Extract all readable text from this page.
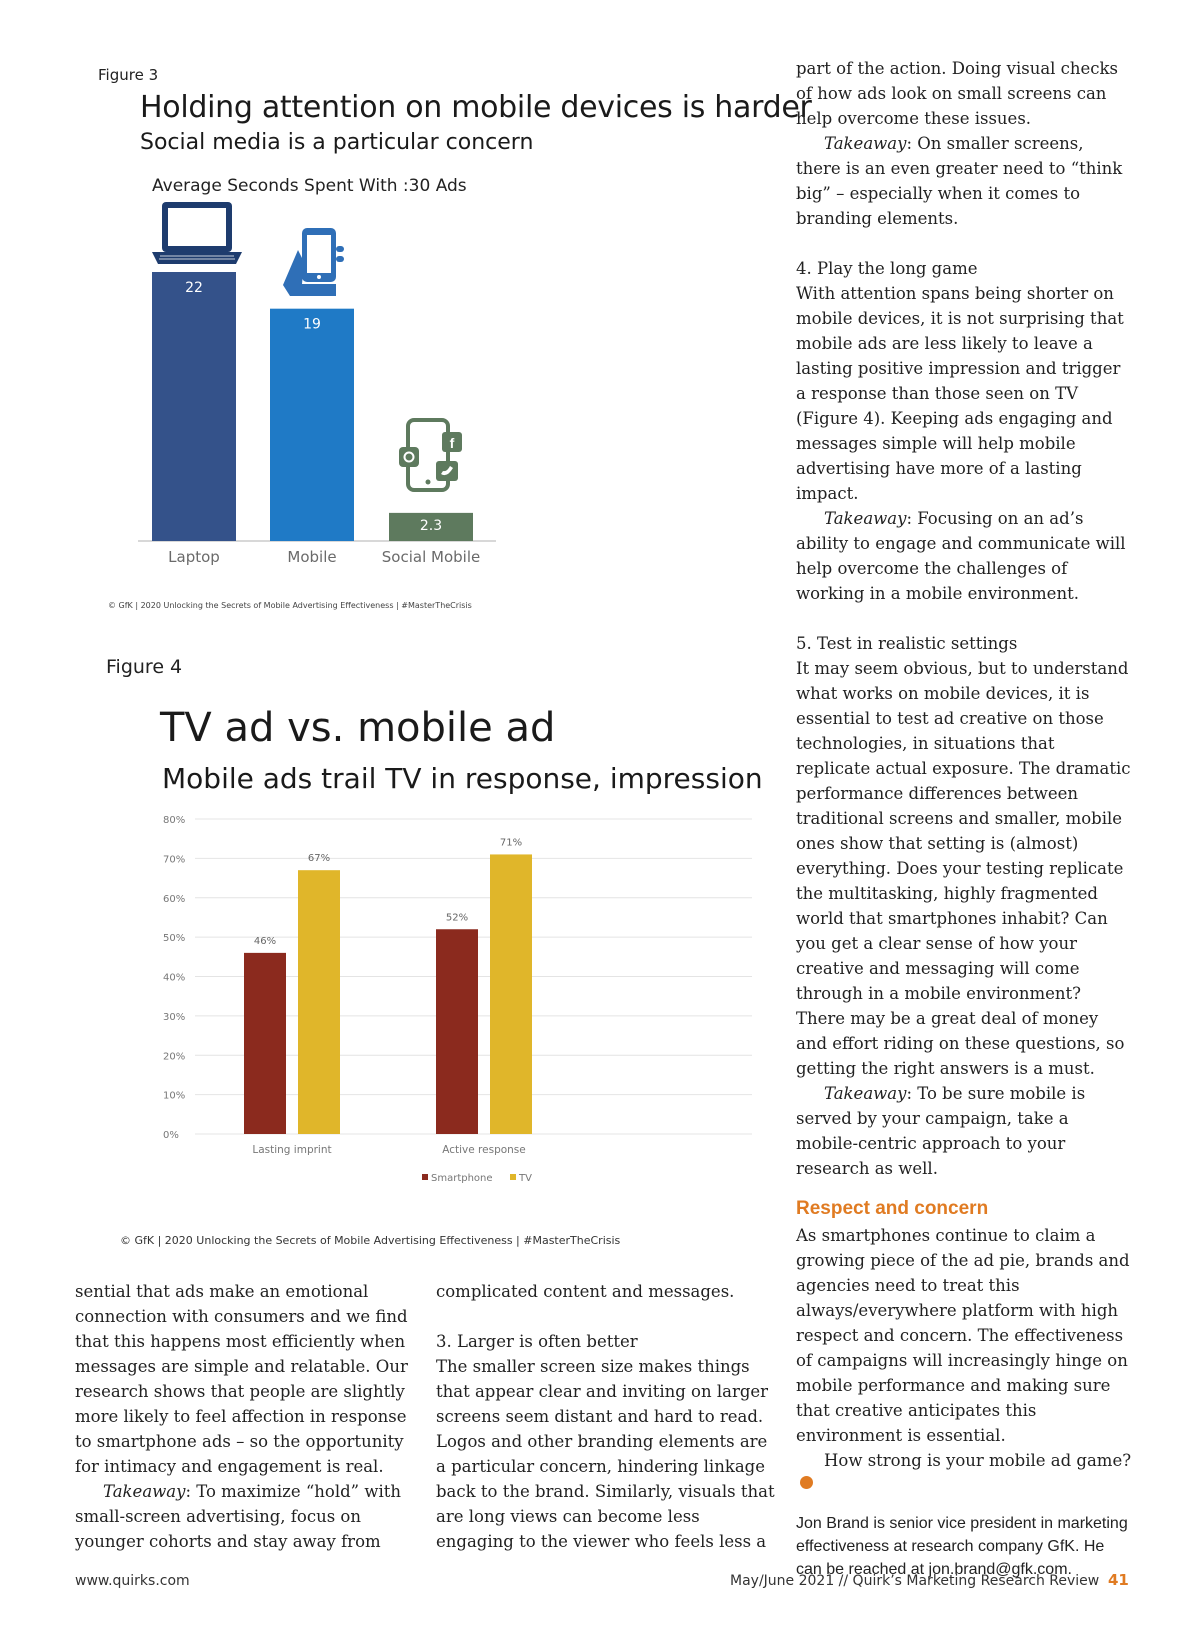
Figure 3
Holding attention on mobile devices is harder
Social media is a particular concern
Average Seconds Spent With :30 Ads
f
22
Laptop
19
Mobile
2.3
Social Mobile
© GfK | 2020 Unlocking the Secrets of Mobile Advertising Effectiveness | #MasterTheCrisis
Figure 4
TV ad vs. mobile ad
Mobile ads trail TV in response, impression
0%
10%
20%
30%
40%
50%
60%
70%
80%
46%
67%
Lasting imprint
52%
71%
Active response
Smartphone	TV
© GfK | 2020 Unlocking the Secrets of Mobile Advertising Effectiveness | #MasterTheCrisis

sential that ads make an emotional connection with consumers and we find that this happens most efficiently when messages are simple and relatable. Our research shows that people are slightly more likely to feel affection in response to smartphone ads – so the opportunity for intimacy and engagement is real.

Takeaway: To maximize “hold” with small-screen advertising, focus on younger cohorts and stay away from

complicated content and messages.

3. Larger is often better

The smaller screen size makes things that appear clear and inviting on larger screens seem distant and hard to read. Logos and other branding elements are a particular concern, hindering linkage back to the brand. Similarly, visuals that are long views can become less engaging to the viewer who feels less a

part of the action. Doing visual checks of how ads look on small screens can help overcome these issues.

Takeaway: On smaller screens, there is an even greater need to “think big” – especially when it comes to branding elements.

4. Play the long game

With attention spans being shorter on mobile devices, it is not surprising that mobile ads are less likely to leave a lasting positive impression and trigger a response than those seen on TV (Figure 4). Keeping ads engaging and messages simple will help mobile advertising have more of a lasting impact.

Takeaway: Focusing on an ad’s ability to engage and communicate will help overcome the challenges of working in a mobile environment.

5. Test in realistic settings

It may seem obvious, but to understand what works on mobile devices, it is essential to test ad creative on those technologies, in situations that replicate actual exposure. The dramatic performance differences between traditional screens and smaller, mobile ones show that setting is (almost) everything. Does your testing replicate the multitasking, highly fragmented world that smartphones inhabit? Can you get a clear sense of how your creative and messaging will come through in a mobile environment? There may be a great deal of money and effort riding on these questions, so getting the right answers is a must.

Takeaway: To be sure mobile is served by your campaign, take a mobile-centric approach to your research as well.

Respect and concern

As smartphones continue to claim a growing piece of the ad pie, brands and agencies need to treat this always/everywhere platform with high respect and concern. The effectiveness of campaigns will increasingly hinge on mobile performance and making sure that creative anticipates this environment is essential.

How strong is your mobile ad game?

Jon Brand is senior vice president in marketing effectiveness at research company GfK. He can be reached at jon.brand@gfk.com.

www.quirks.com	May/June 2021 // Quirk’s Marketing Research Review 41
